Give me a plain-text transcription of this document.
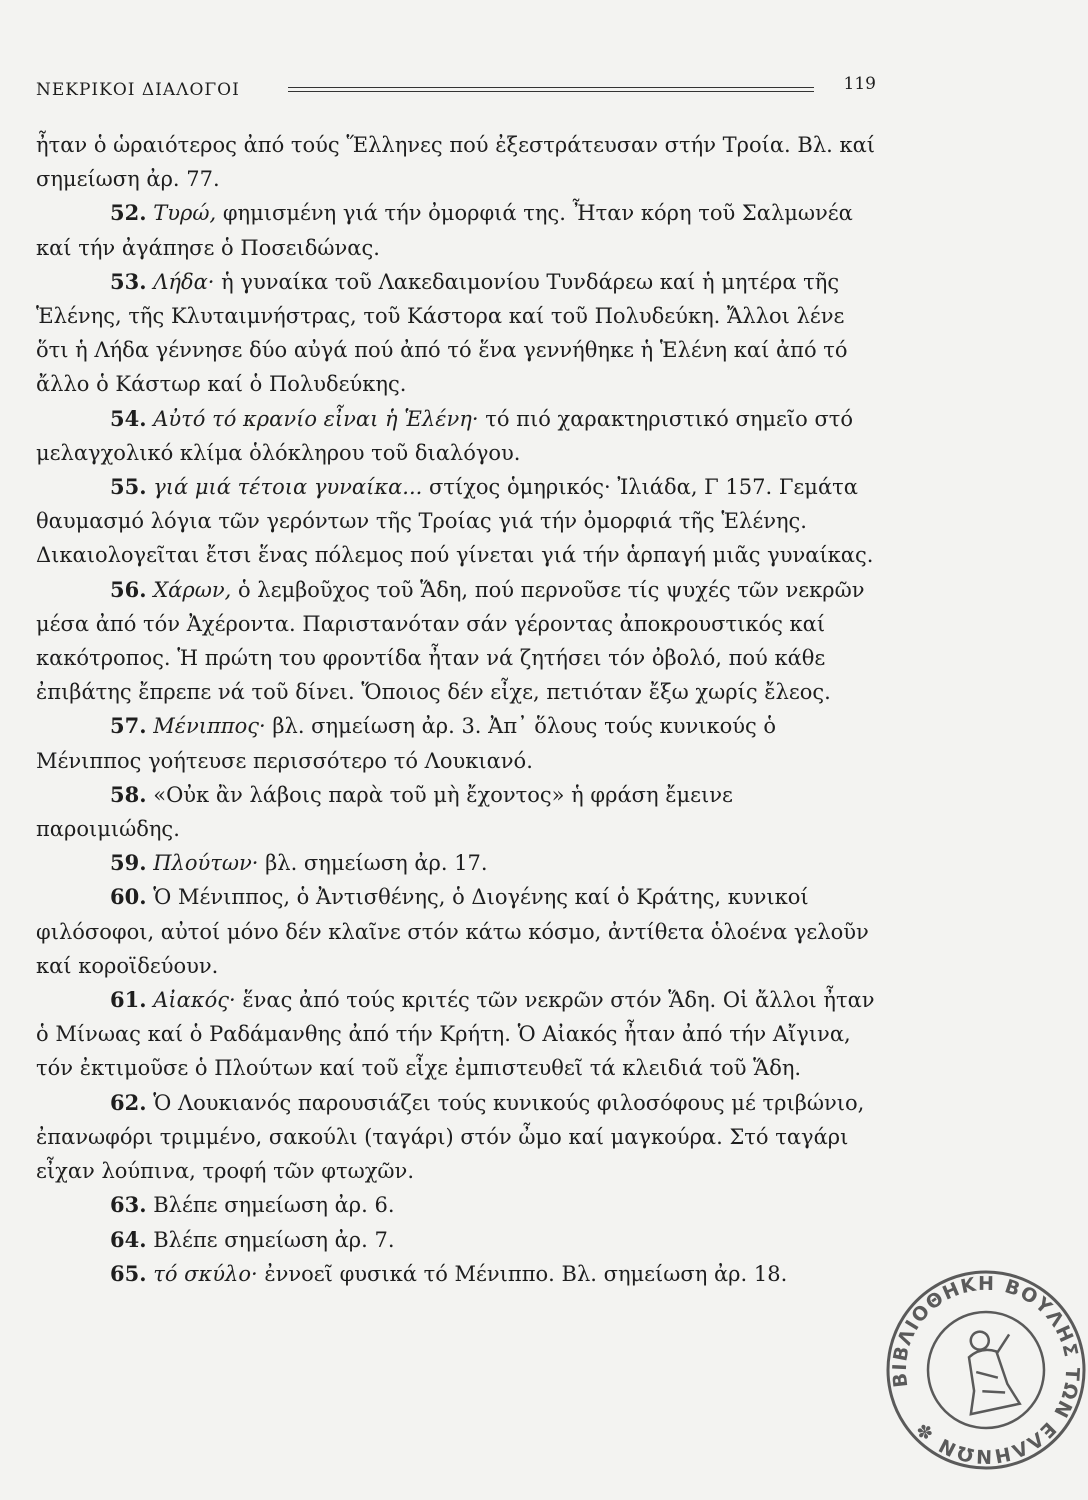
ΝΕΚΡΙΚΟΙ ΔΙΑΛΟΓΟΙ	119

ἦταν ὁ ὡραιότερος ἀπό τούς Ἕλληνες πού ἐξεστράτευσαν στήν Τροία. Βλ. καί σημείωση ἀρ. 77.

52. Τυρώ, φημισμένη γιά τήν ὀμορφιά της. Ἦταν κόρη τοῦ Σαλμωνέα καί τήν ἀγάπησε ὁ Ποσειδώνας.

53. Λήδα· ἡ γυναίκα τοῦ Λακεδαιμονίου Τυνδάρεω καί ἡ μητέρα τῆς Ἑλένης, τῆς Κλυταιμνήστρας, τοῦ Κάστορα καί τοῦ Πολυδεύκη. Ἄλλοι λένε ὅτι ἡ Λήδα γέννησε δύο αὐγά πού ἀπό τό ἕνα γεννήθηκε ἡ Ἑλένη καί ἀπό τό ἄλλο ὁ Κάστωρ καί ὁ Πολυδεύκης.

54. Αὐτό τό κρανίο εἶναι ἡ Ἑλένη· τό πιό χαρακτηριστικό σημεῖο στό μελαγχολικό κλίμα ὁλόκληρου τοῦ διαλόγου.

55. γιά μιά τέτοια γυναίκα... στίχος ὁμηρικός· Ἰλιάδα, Γ 157. Γεμάτα θαυμασμό λόγια τῶν γερόντων τῆς Τροίας γιά τήν ὀμορφιά τῆς Ἑλένης. Δικαιολογεῖται ἔτσι ἕνας πόλεμος πού γίνεται γιά τήν ἁρπαγή μιᾶς γυναίκας.

56. Χάρων, ὁ λεμβοῦχος τοῦ Ἅδη, πού περνοῦσε τίς ψυχές τῶν νεκρῶν μέσα ἀπό τόν Ἀχέροντα. Παριστανόταν σάν γέροντας ἀποκρουστικός καί κακότροπος. Ἡ πρώτη του φροντίδα ἦταν νά ζητήσει τόν ὀβολό, πού κάθε ἐπιβάτης ἔπρεπε νά τοῦ δίνει. Ὅποιος δέν εἶχε, πετιόταν ἔξω χωρίς ἔλεος.

57. Μένιππος· βλ. σημείωση ἀρ. 3. Ἀπ᾿ ὅλους τούς κυνικούς ὁ Μένιππος γοήτευσε περισσότερο τό Λουκιανό.

58. «Οὐκ ἂν λάβοις παρὰ τοῦ μὴ ἔχοντος» ἡ φράση ἔμεινε παροιμιώδης.

59. Πλούτων· βλ. σημείωση ἀρ. 17.

60. Ὁ Μένιππος, ὁ Ἀντισθένης, ὁ Διογένης καί ὁ Κράτης, κυνικοί φιλόσοφοι, αὐτοί μόνο δέν κλαῖνε στόν κάτω κόσμο, ἀντίθετα ὁλοένα γελοῦν καί κοροϊδεύουν.

61. Αἰακός· ἕνας ἀπό τούς κριτές τῶν νεκρῶν στόν Ἅδη. Οἱ ἄλλοι ἦταν ὁ Μίνωας καί ὁ Ραδάμανθης ἀπό τήν Κρήτη. Ὁ Αἰακός ἦταν ἀπό τήν Αἴγινα, τόν ἐκτιμοῦσε ὁ Πλούτων καί τοῦ εἶχε ἐμπιστευθεῖ τά κλειδιά τοῦ Ἅδη.

62. Ὁ Λουκιανός παρουσιάζει τούς κυνικούς φιλοσόφους μέ τριβώνιο, ἐπανωφόρι τριμμένο, σακούλι (ταγάρι) στόν ὦμο καί μαγκούρα. Στό ταγάρι εἶχαν λούπινα, τροφή τῶν φτωχῶν.

63. Βλέπε σημείωση ἀρ. 6.

64. Βλέπε σημείωση ἀρ. 7.

65. τό σκύλο· ἐννοεῖ φυσικά τό Μένιππο. Βλ. σημείωση ἀρ. 18.

ΒΙΒΛΙΟΘΗΚΗ ΒΟΥΛΗΣ ΤΩΝ ΕΛΛΗΝΩΝ ✽
